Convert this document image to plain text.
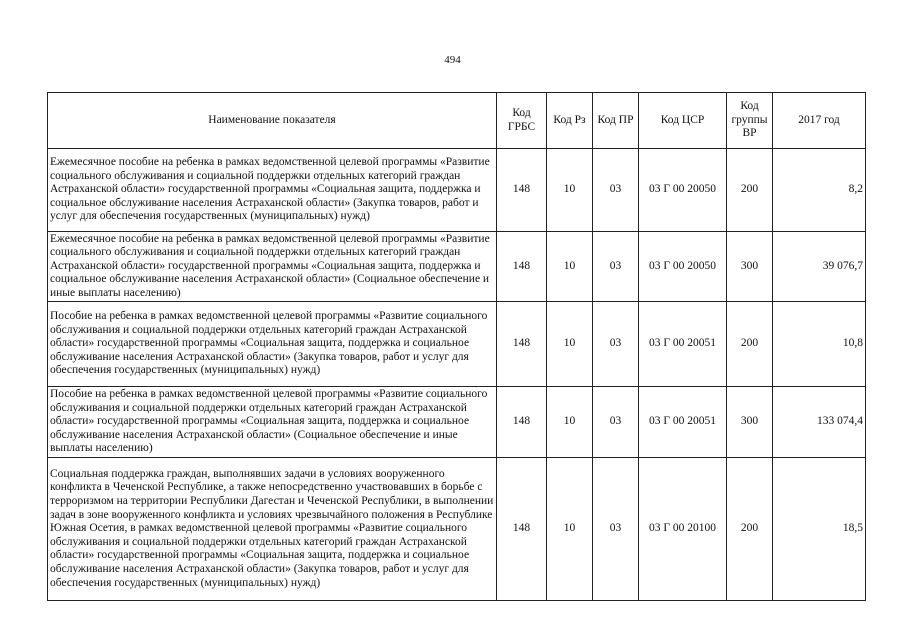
494
Наименование показателя	Код ГРБС	Код Рз	Код ПР	Код ЦСР	Код группы ВР	2017 год
Ежемесячное пособие на ребенка в рамках ведомственной целевой программы «Развитие социального обслуживания и социальной поддержки отдельных категорий граждан Астраханской области» государственной программы «Социальная защита, поддержка и социальное обслуживание населения Астраханской области» (Закупка товаров, работ и услуг для обеспечения государственных (муниципальных) нужд)	148	10	03	03 Г 00 20050	200	8,2
Ежемесячное пособие на ребенка в рамках ведомственной целевой программы «Развитие социального обслуживания и социальной поддержки отдельных категорий граждан Астраханской области» государственной программы «Социальная защита, поддержка и социальное обслуживание населения Астраханской области» (Социальное обеспечение и иные выплаты населению)	148	10	03	03 Г 00 20050	300	39 076,7
Пособие на ребенка в рамках ведомственной целевой программы «Развитие социального обслуживания и социальной поддержки отдельных категорий граждан Астраханской области» государственной программы «Социальная защита, поддержка и социальное обслуживание населения Астраханской области» (Закупка товаров, работ и услуг для обеспечения государственных (муниципальных) нужд)	148	10	03	03 Г 00 20051	200	10,8
Пособие на ребенка в рамках ведомственной целевой программы «Развитие социального обслуживания и социальной поддержки отдельных категорий граждан Астраханской области» государственной программы «Социальная защита, поддержка и социальное обслуживание населения Астраханской области» (Социальное обеспечение и иные выплаты населению)	148	10	03	03 Г 00 20051	300	133 074,4
Социальная поддержка граждан, выполнявших задачи в условиях вооруженного конфликта в Чеченской Республике, а также непосредственно участвовавших в борьбе с терроризмом на территории Республики Дагестан и Чеченской Республики, в выполнении задач в зоне вооруженного конфликта и условиях чрезвычайного положения в Республике Южная Осетия, в рамках ведомственной целевой программы «Развитие социального обслуживания и социальной поддержки отдельных категорий граждан Астраханской области» государственной программы «Социальная защита, поддержка и социальное обслуживание населения Астраханской области» (Закупка товаров, работ и услуг для обеспечения государственных (муниципальных) нужд)	148	10	03	03 Г 00 20100	200	18,5
